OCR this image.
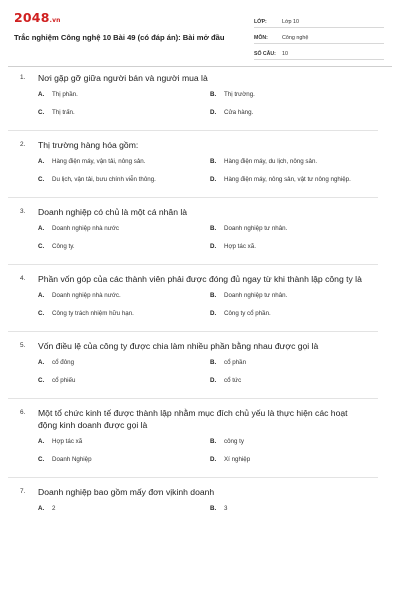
2048.vn
Trắc nghiệm Công nghệ 10 Bài 49 (có đáp án): Bài mở đầu
LỚP:	Lớp 10
MÔN:	Công nghệ
SỐ CÂU:	10
1. Nơi gặp gỡ giữa người bán và người mua là
A. Thị phần.	B. Thị trường.
C. Thị trấn.	D. Cửa hàng.
2. Thị trường hàng hóa gồm:
A. Hàng điện máy, vận tải, nông sản.	B. Hàng điện máy, du lịch, nông sản.
C. Du lịch, vận tải, bưu chính viễn thông.	D. Hàng điện máy, nông sản, vật tư nông nghiệp.
3. Doanh nghiệp có chủ là một cá nhân là
A. Doanh nghiệp nhà nước	B. Doanh nghiệp tư nhân.
C. Công ty.	D. Hợp tác xã.
4. Phần vốn góp của các thành viên phải được đóng đủ ngay từ khi thành lập công ty là
A. Doanh nghiệp nhà nước.	B. Doanh nghiệp tư nhân.
C. Công ty trách nhiệm hữu hạn.	D. Công ty cổ phần.
5. Vốn điều lệ của công ty được chia làm nhiều phần bằng nhau được gọi là
A. cổ đông	B. cổ phần
C. cổ phiếu	D. cổ tức
6. Một tổ chức kinh tế được thành lập nhằm mục đích chủ yếu là thực hiện các hoạt động kinh doanh được gọi là
A. Hợp tác xã	B. công ty
C. Doanh Nghiệp	D. Xí nghiệp
7. Doanh nghiệp bao gồm mấy đơn vịkinh doanh
A. 2	B. 3
